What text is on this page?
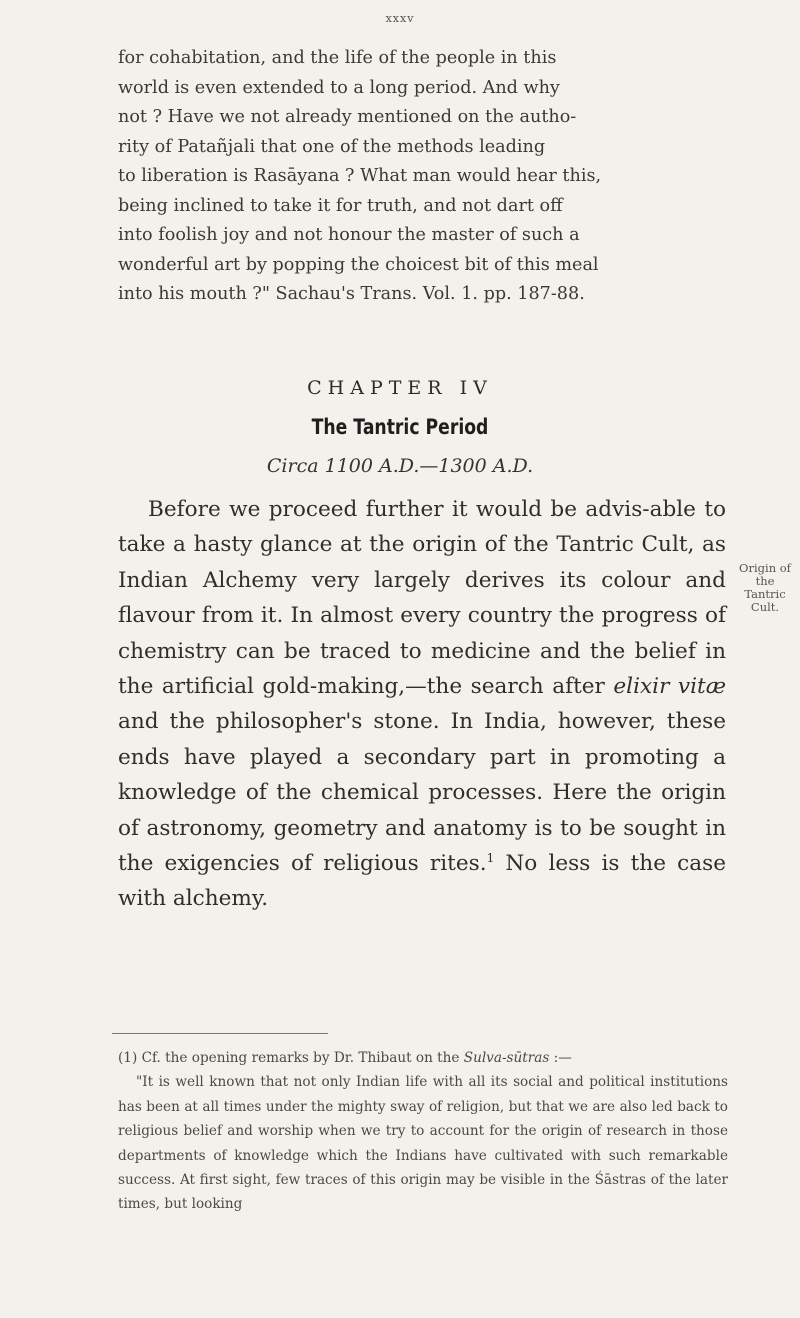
xxxv
for cohabitation, and the life of the people in this
world is even extended to a long period. And why
not ? Have we not already mentioned on the autho-
rity of Patañjali that one of the methods leading
to liberation is Rasāyana ? What man would hear this,
being inclined to take it for truth, and not dart off
into foolish joy and not honour the master of such a
wonderful art by popping the choicest bit of this meal
into his mouth ?" Sachau's Trans. Vol. 1. pp. 187-88.
CHAPTER IV
The Tantric Period
Circa 1100 A.D.—1300 A.D.
Origin of the
Tantric Cult.

Before we proceed further it would be advis-able to take a hasty glance at the origin of the Tantric Cult, as Indian Alchemy very largely derives its colour and flavour from it. In almost every country the progress of chemistry can be traced to medicine and the belief in the artificial gold-making,—the search after elixir vitæ and the philosopher's stone. In India, however, these ends have played a secondary part in promoting a knowledge of the chemical processes. Here the origin of astronomy, geometry and anatomy is to be sought in the exigencies of religious rites.$^1$ No less is the case with alchemy.

(1) Cf. the opening remarks by Dr. Thibaut on the Sulva-sūtras :—
"It is well known that not only Indian life with all its social and political institutions has been at all times under the mighty sway of religion, but that we are also led back to religious belief and worship when we try to account for the origin of research in those departments of knowledge which the Indians have cultivated with such remarkable success. At first sight, few traces of this origin may be visible in the Śāstras of the later times, but looking
